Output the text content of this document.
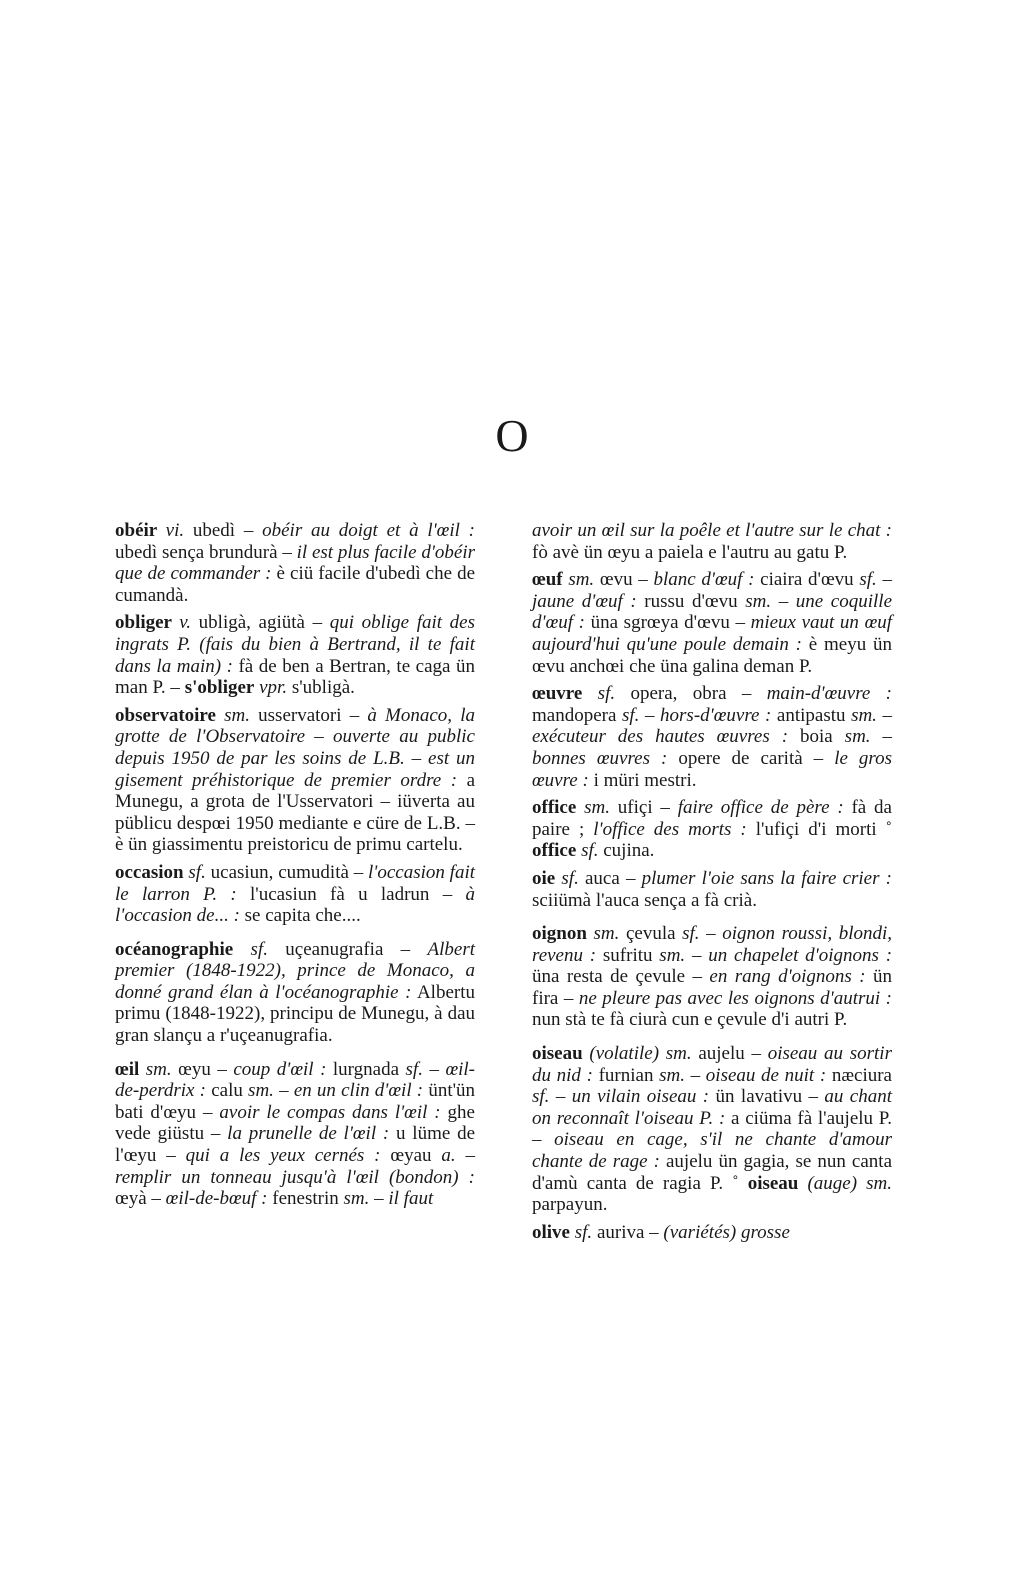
O

obéir vi. ubedì – obéir au doigt et à l'œil : ubedì sença brundurà – il est plus facile d'obéir que de commander : è ciü facile d'ubedì che de cumandà.

obliger v. ubligà, agiütà – qui oblige fait des ingrats P. (fais du bien à Bertrand, il te fait dans la main) : fà de ben a Bertran, te caga ün man P. – s'obliger vpr. s'ubligà.

observatoire sm. usservatori – à Monaco, la grotte de l'Observatoire – ouverte au public depuis 1950 de par les soins de L.B. – est un gisement préhistorique de premier ordre : a Munegu, a grota de l'Usservatori – iüverta au püblicu despœi 1950 mediante e cüre de L.B. – è ün giassimentu preistoricu de primu cartelu.

occasion sf. ucasiun, cumudità – l'occasion fait le larron P. : l'ucasiun fà u ladrun – à l'occasion de... : se capita che....

océanographie sf. uçeanugrafia – Albert premier (1848-1922), prince de Monaco, a donné grand élan à l'océanographie : Albertu primu (1848-1922), principu de Munegu, à dau gran slançu a r'uçeanugrafia.

œil sm. œyu – coup d'œil : lurgnada sf. – œil-de-perdrix : calu sm. – en un clin d'œil : ünt'ün bati d'œyu – avoir le compas dans l'œil : ghe vede giüstu – la prunelle de l'œil : u lüme de l'œyu – qui a les yeux cernés : œyau a. – remplir un tonneau jusqu'à l'œil (bondon) : œyà – œil-de-bœuf : fenestrin sm. – il faut

avoir un œil sur la poêle et l'autre sur le chat : fò avè ün œyu a paiela e l'autru au gatu P.

œuf sm. œvu – blanc d'œuf : ciaira d'œvu sf. – jaune d'œuf : russu d'œvu sm. – une coquille d'œuf : üna sgrœya d'œvu – mieux vaut un œuf aujourd'hui qu'une poule demain : è meyu ün œvu anchœi che üna galina deman P.

œuvre sf. opera, obra – main-d'œuvre : mandopera sf. – hors-d'œuvre : antipastu sm. – exécuteur des hautes œuvres : boia sm. – bonnes œuvres : opere de carità – le gros œuvre : i müri mestri.

office sm. ufiçi – faire office de père : fà da paire ; l'office des morts : l'ufiçi d'i morti ˚ office sf. cujina.

oie sf. auca – plumer l'oie sans la faire crier : sciiümà l'auca sença a fà crià.

oignon sm. çevula sf. – oignon roussi, blondi, revenu : sufritu sm. – un chapelet d'oignons : üna resta de çevule – en rang d'oignons : ün fira – ne pleure pas avec les oignons d'autrui : nun stà te fà ciurà cun e çevule d'i autri P.

oiseau (volatile) sm. aujelu – oiseau au sortir du nid : furnian sm. – oiseau de nuit : næciura sf. – un vilain oiseau : ün lavativu – au chant on reconnaît l'oiseau P. : a ciüma fà l'aujelu P. – oiseau en cage, s'il ne chante d'amour chante de rage : aujelu ün gagia, se nun canta d'amù canta de ragia P. ˚ oiseau (auge) sm. parpayun.

olive sf. auriva – (variétés) grosse
